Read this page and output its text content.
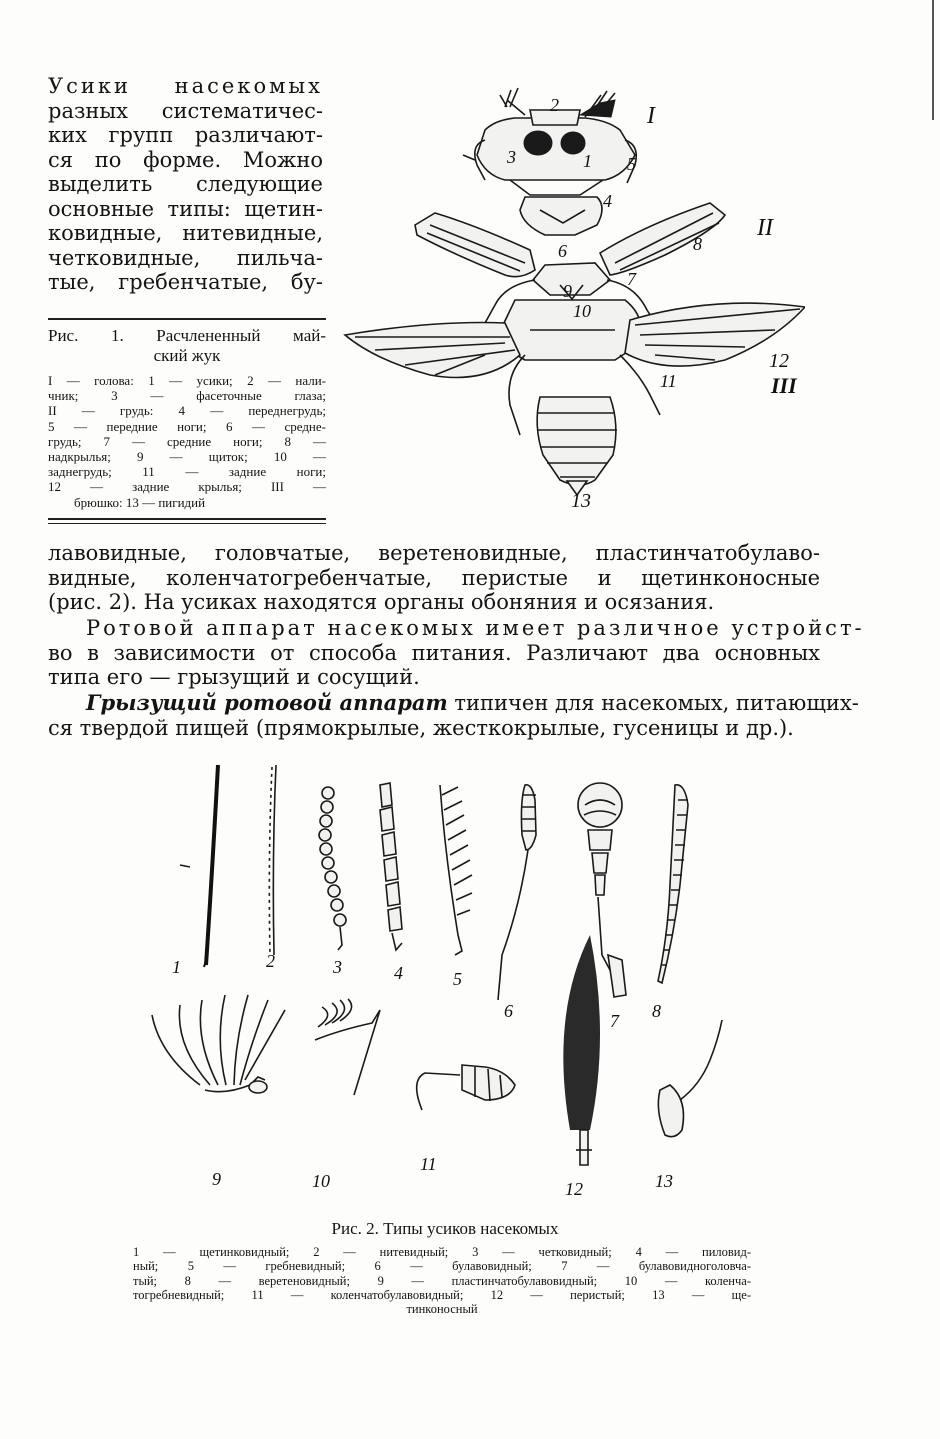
Усики насекомых
разных систематичес-
ких групп различают-
ся по форме. Можно
выделить следующие
основные типы: щетин-
ковидные, нитевидные,
четковидные, пильча-
тые, гребенчатые, бу-
Рис. 1. Расчлененный май-
ский жук
I — голова: 1 — усики; 2 — нали-
чник; 3 — фасеточные глаза;
II — грудь: 4 — переднегрудь;
5 — передние ноги; 6 — средне-
грудь; 7 — средние ноги; 8 —
надкрылья; 9 — щиток; 10 —
заднегрудь; 11 — задние ноги;
12 — задние крылья; III —
брюшко: 13 — пигидий
2
3	1 5
4
6	8
7
9
10
12
11
13
I
II
III
лавовидные, головчатые, веретеновидные, пластинчатобулаво-
видные, коленчатогребенчатые, перистые и щетинконосные
(рис. 2). На усиках находятся органы обоняния и осязания.
Ротовой аппарат насекомых имеет различное устройст-
во в зависимости от способа питания. Различают два основных
типа его — грызущий и сосущий.
Грызущий ротовой аппарат типичен для насекомых, питающих-
ся твердой пищей (прямокрылые, жесткокрылые, гусеницы и др.).
1	2	3	4	5
6	7 8
9	10
11
12	13
Рис. 2. Типы усиков насекомых
1 — щетинковидный; 2 — нитевидный; 3 — четковидный; 4 — пиловид-
ный; 5 — гребневидный; 6 — булавовидный; 7 — булавовидноголовча-
тый; 8 — веретеновидный; 9 — пластинчатобулавовидный; 10 — коленча-
тогребневидный; 11 — коленчатобулавовидный; 12 — перистый; 13 — ще-
тинконосный
